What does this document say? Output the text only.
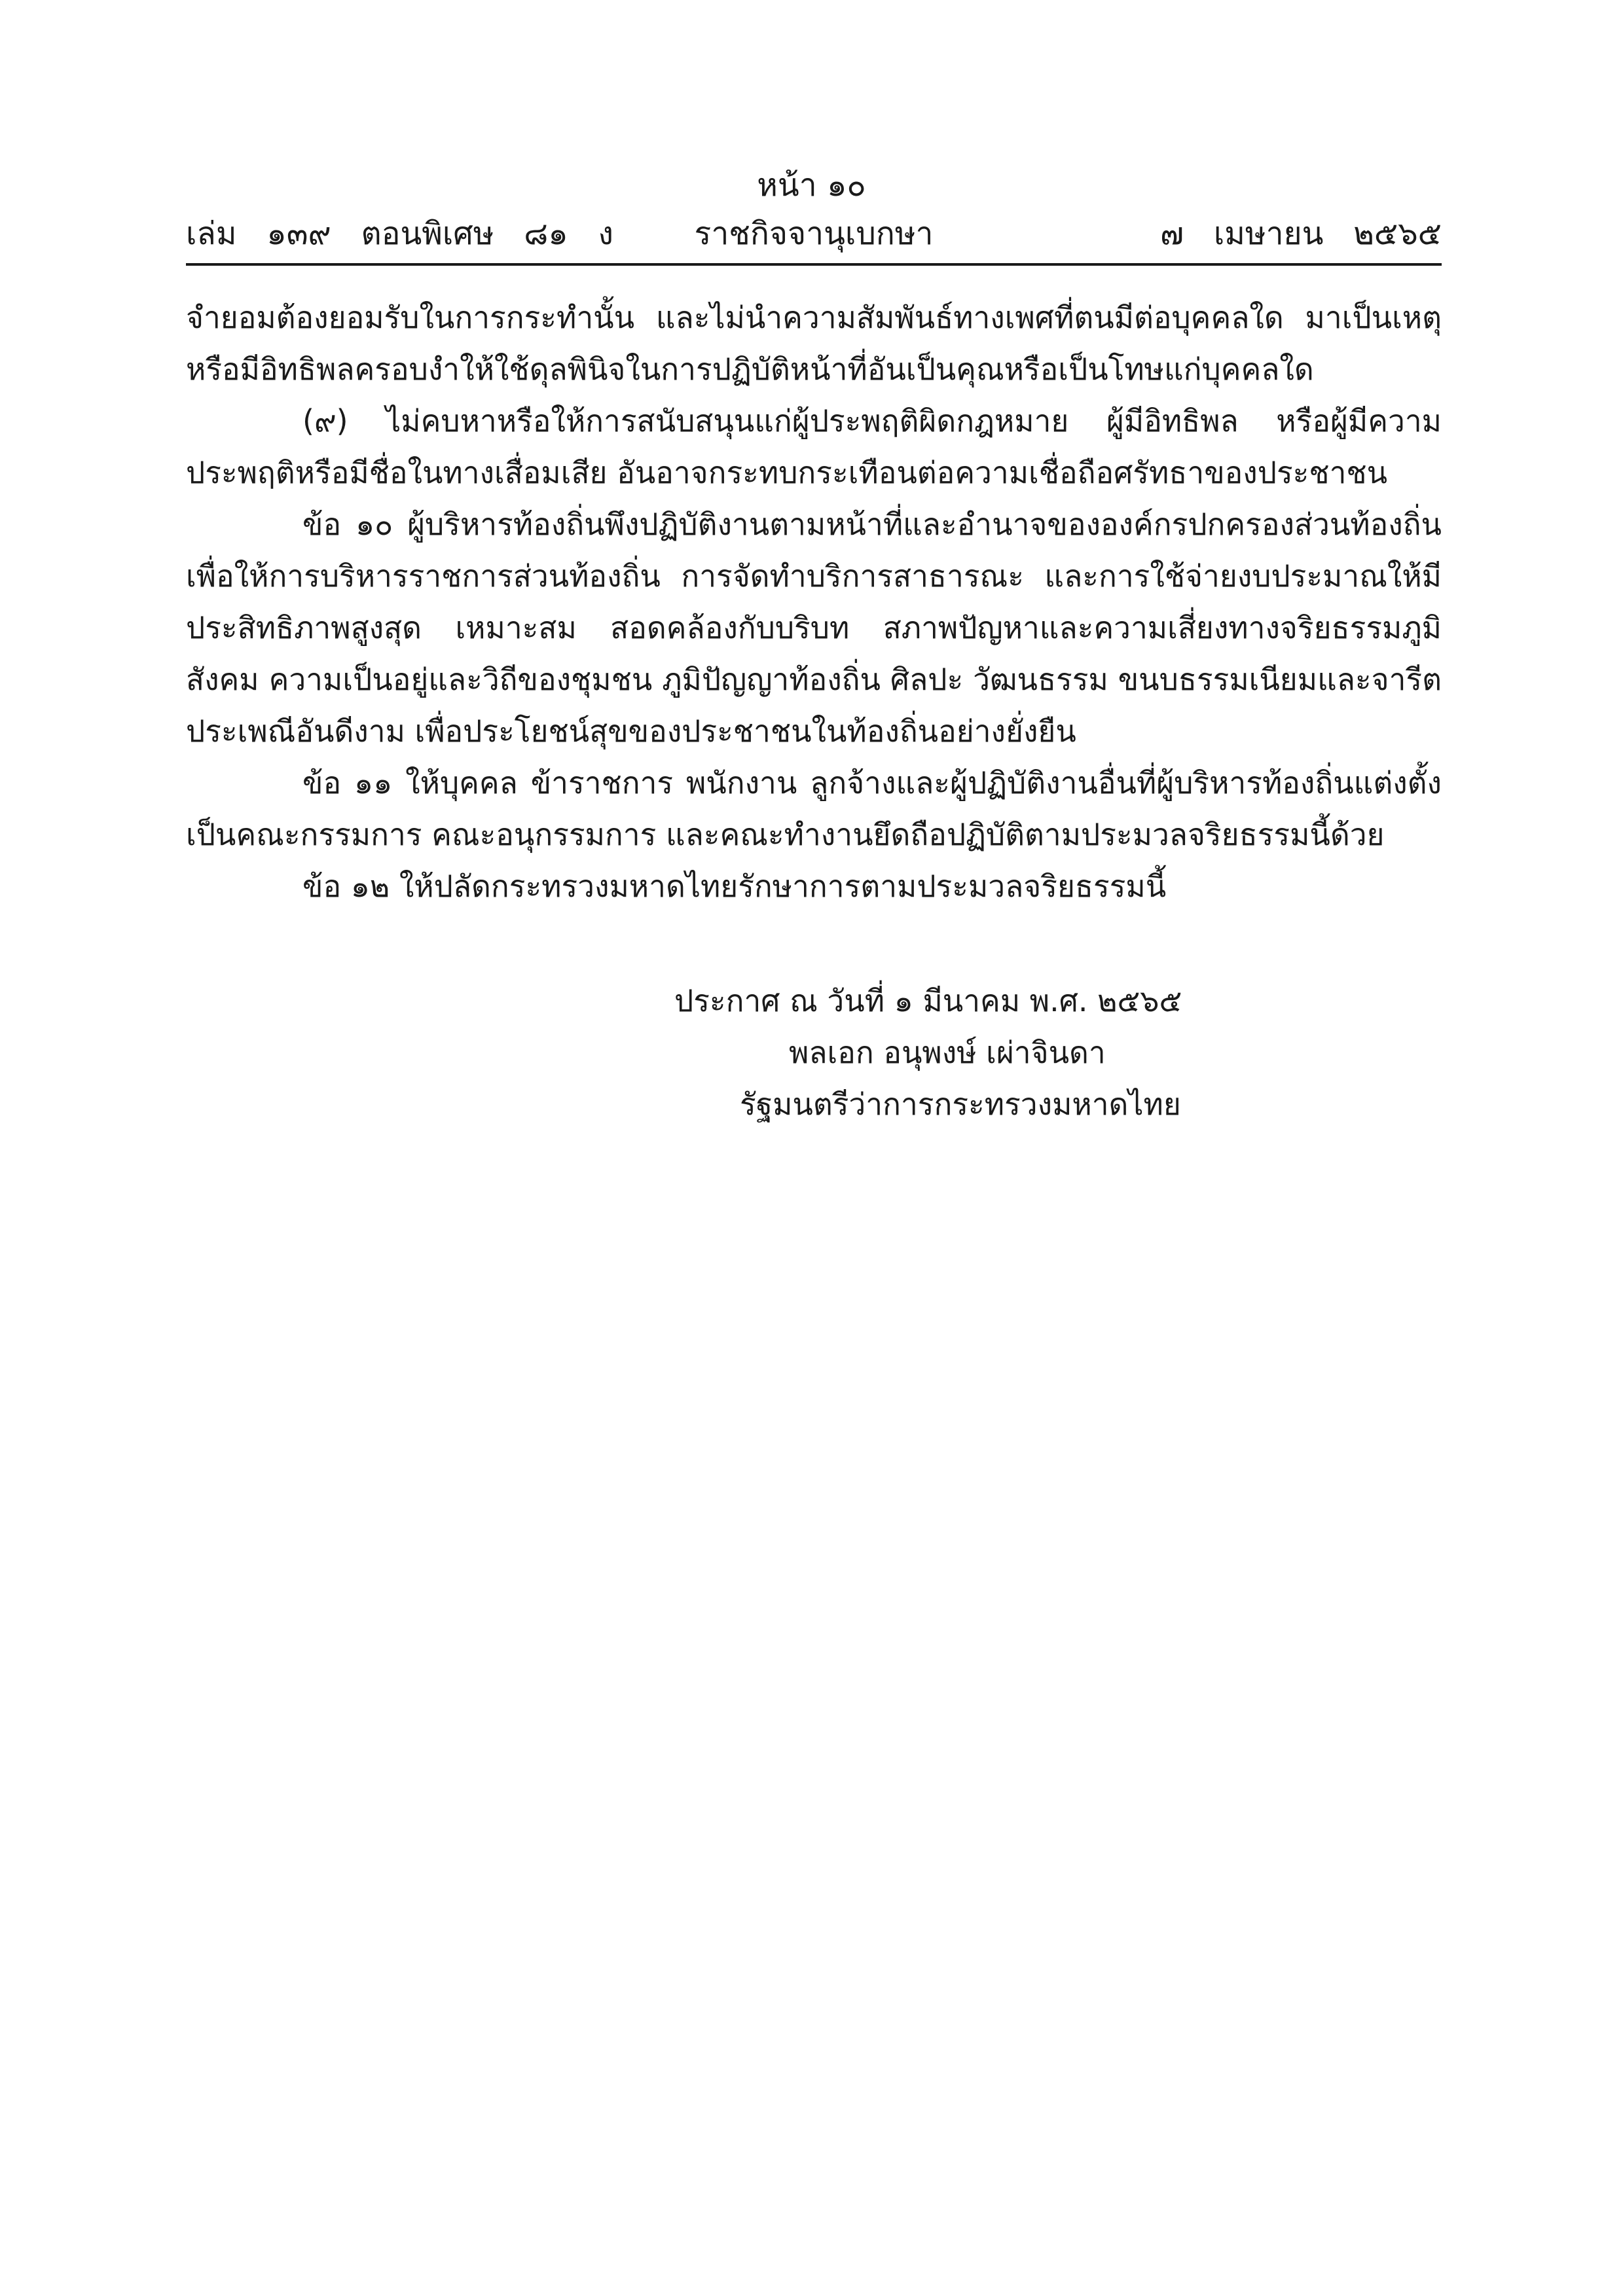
หน้า ๑๐
เล่ม   ๑๓๙   ตอนพิเศษ   ๘๑   ง	ราชกิจจานุเบกษา	๗   เมษายน   ๒๕๖๕

จำยอมต้องยอมรับในการกระทำนั้น และไม่นำความสัมพันธ์ทางเพศที่ตนมีต่อบุคคลใด มาเป็นเหตุหรือมีอิทธิพลครอบงำให้ใช้ดุลพินิจในการปฏิบัติหน้าที่อันเป็นคุณหรือเป็นโทษแก่บุคคลใด

(๙) ไม่คบหาหรือให้การสนับสนุนแก่ผู้ประพฤติผิดกฎหมาย ผู้มีอิทธิพล หรือผู้มีความประพฤติหรือมีชื่อในทางเสื่อมเสีย อันอาจกระทบกระเทือนต่อความเชื่อถือศรัทธาของประชาชน

ข้อ ๑๐ ผู้บริหารท้องถิ่นพึงปฏิบัติงานตามหน้าที่และอำนาจขององค์กรปกครองส่วนท้องถิ่นเพื่อให้การบริหารราชการส่วนท้องถิ่น การจัดทำบริการสาธารณะ และการใช้จ่ายงบประมาณให้มีประสิทธิภาพสูงสุด เหมาะสม สอดคล้องกับบริบท สภาพปัญหาและความเสี่ยงทางจริยธรรมภูมิสังคม ความเป็นอยู่และวิถีของชุมชน ภูมิปัญญาท้องถิ่น ศิลปะ วัฒนธรรม ขนบธรรมเนียมและจารีตประเพณีอันดีงาม เพื่อประโยชน์สุขของประชาชนในท้องถิ่นอย่างยั่งยืน

ข้อ ๑๑ ให้บุคคล ข้าราชการ พนักงาน ลูกจ้างและผู้ปฏิบัติงานอื่นที่ผู้บริหารท้องถิ่นแต่งตั้งเป็นคณะกรรมการ คณะอนุกรรมการ และคณะทำงานยึดถือปฏิบัติตามประมวลจริยธรรมนี้ด้วย

ข้อ ๑๒ ให้ปลัดกระทรวงมหาดไทยรักษาการตามประมวลจริยธรรมนี้

ประกาศ ณ วันที่ ๑ มีนาคม พ.ศ. ๒๕๖๕
พลเอก อนุพงษ์ เผ่าจินดา
รัฐมนตรีว่าการกระทรวงมหาดไทย
